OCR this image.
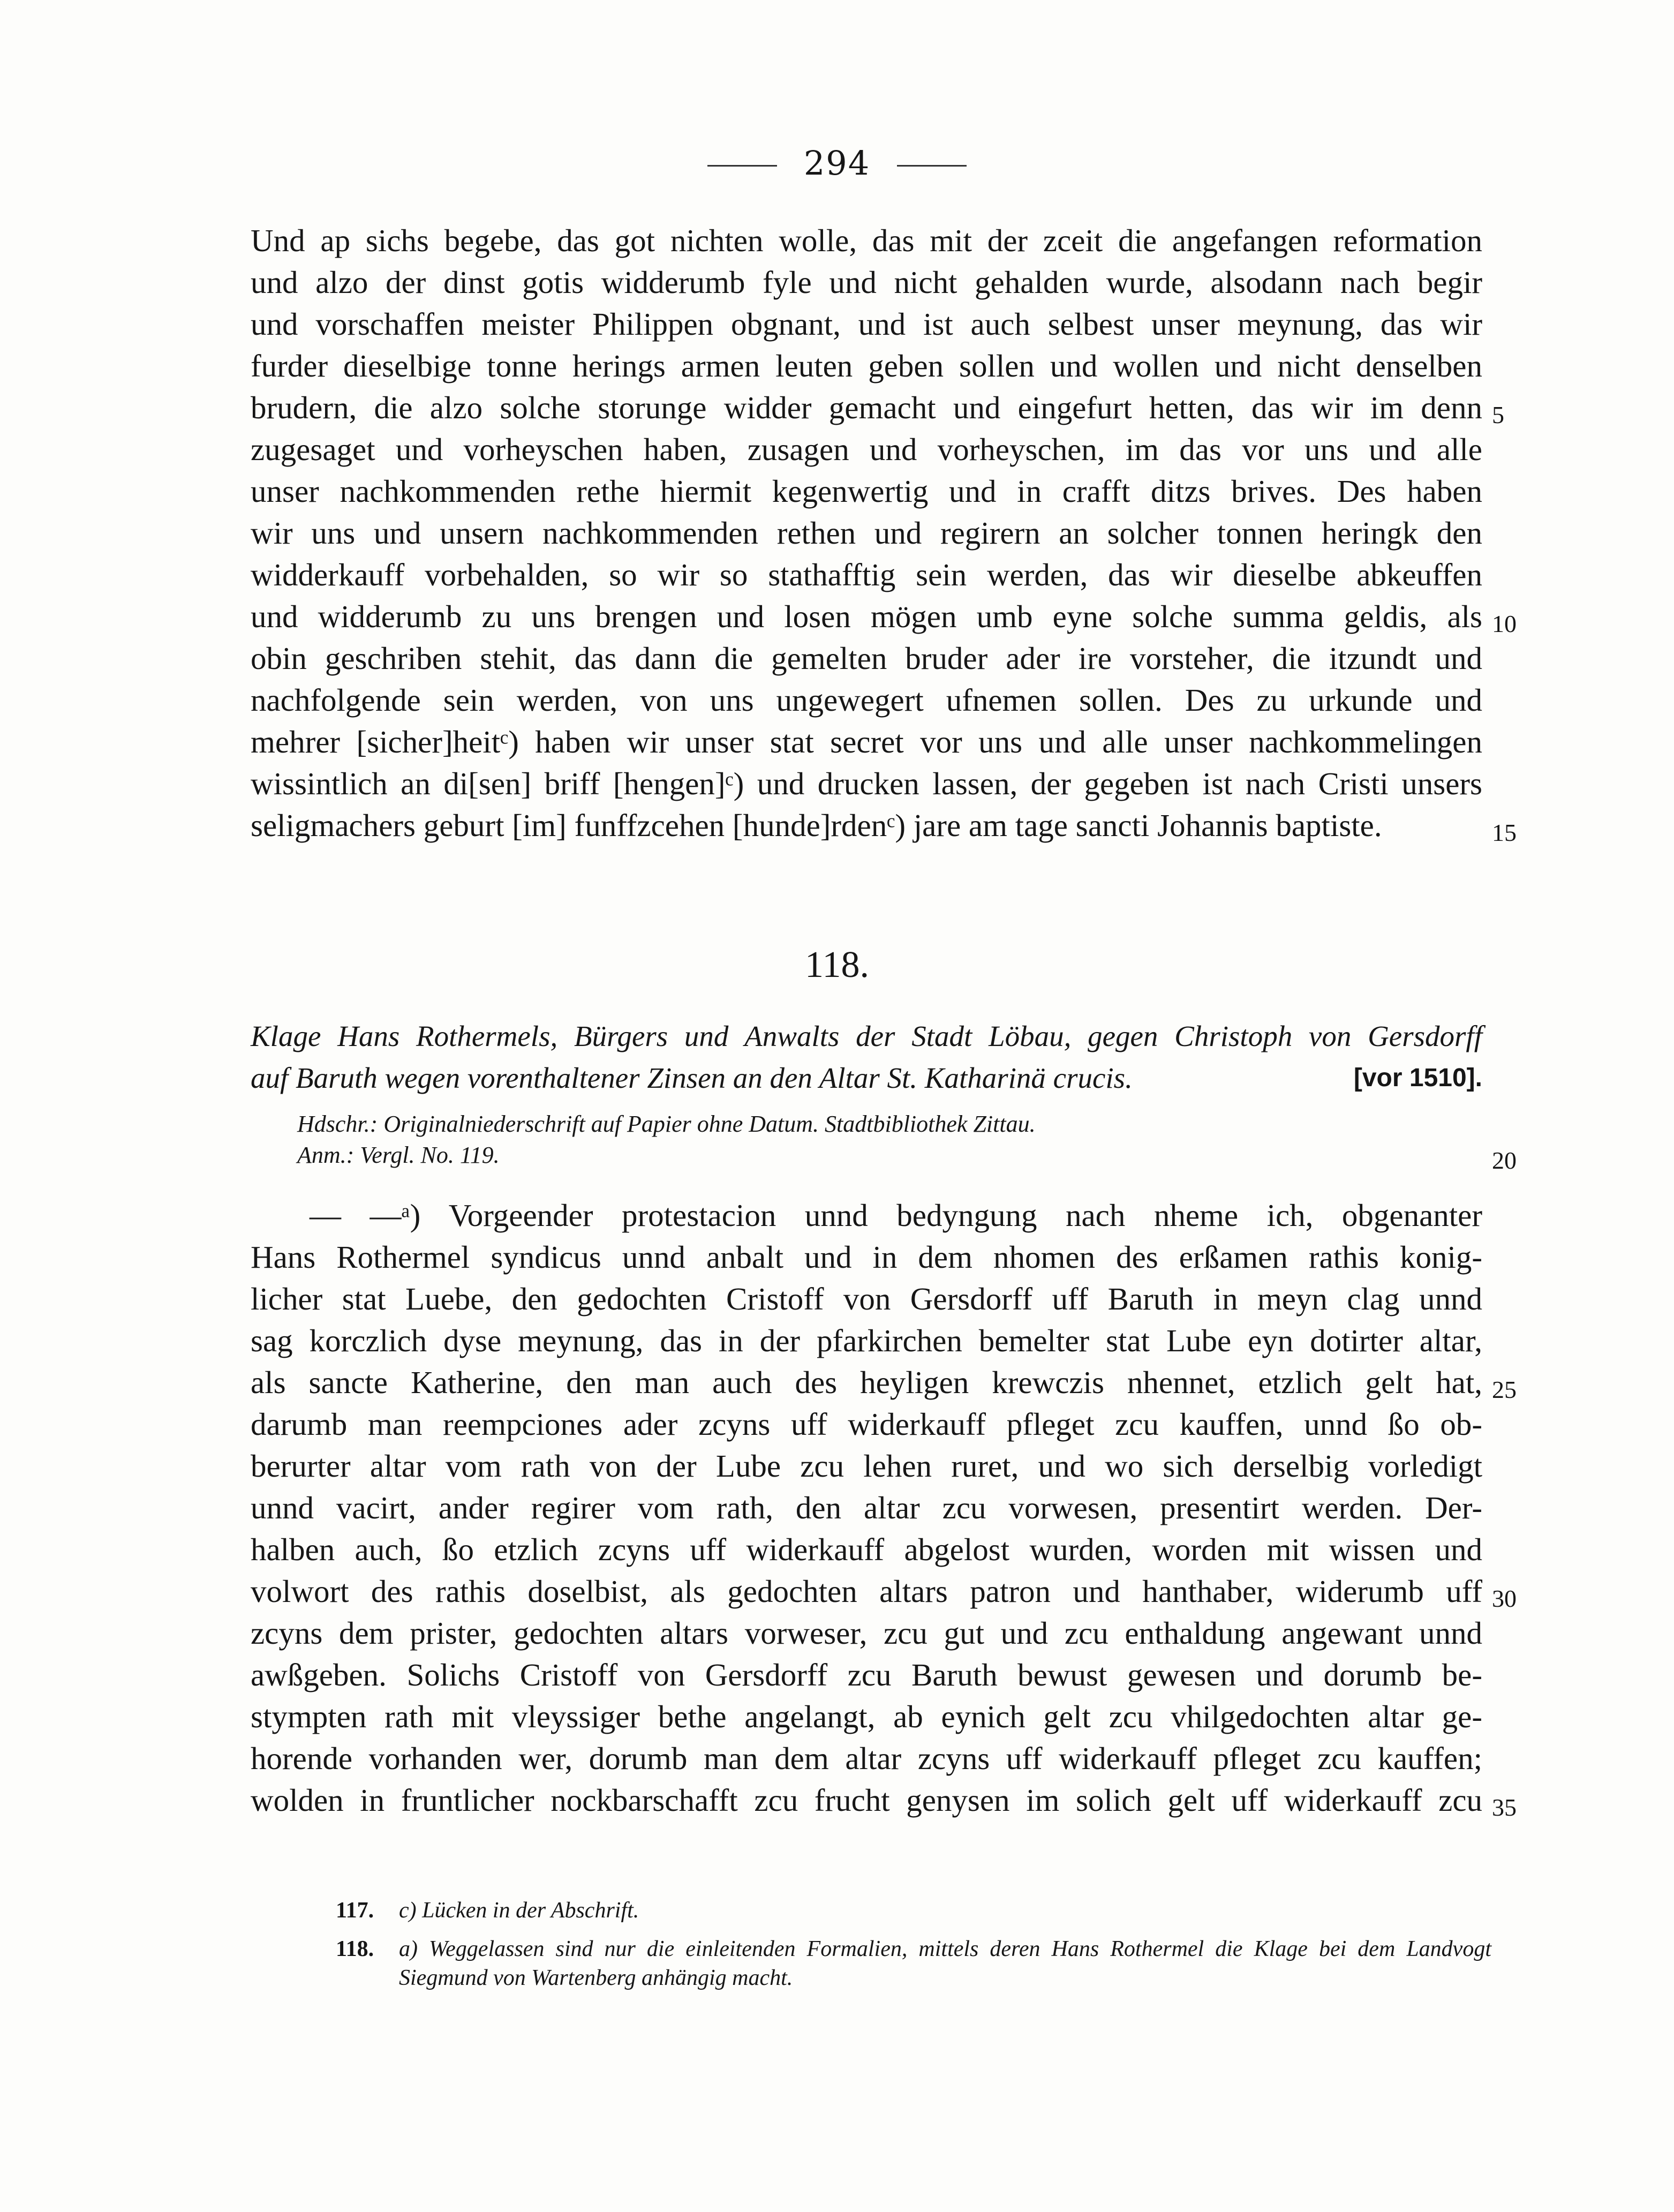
294
Und ap sichs begebe, das got nichten wolle, das mit der zceit die angefangen reformation
und alzo der dinst gotis widderumb fyle und nicht gehalden wurde, alsodann nach begir
und vorschaffen meister Philippen obgnant, und ist auch selbest unser meynung, das wir
furder dieselbige tonne herings armen leuten geben sollen und wollen und nicht denselben
brudern, die alzo solche storunge widder gemacht und eingefurt hetten, das wir im denn
zugesaget und vorheyschen haben, zusagen und vorheyschen, im das vor uns und alle
unser nachkommenden rethe hiermit kegenwertig und in crafft ditzs brives. Des haben
wir uns und unsern nachkommenden rethen und regirern an solcher tonnen heringk den
widderkauff vorbehalden, so wir so stathafftig sein werden, das wir dieselbe abkeuffen
und widderumb zu uns brengen und losen mögen umb eyne solche summa geldis, als
obin geschriben stehit, das dann die gemelten bruder ader ire vorsteher, die itzundt und
nachfolgende sein werden, von uns ungewegert ufnemen sollen. Des zu urkunde und
mehrer [sicher]heitᶜ) haben wir unser stat secret vor uns und alle unser nachkommelingen
wissintlich an di[sen] briff [hengen]ᶜ) und drucken lassen, der gegeben ist nach Cristi unsers
seligmachers geburt [im] funffzcehen [hunde]rdenᶜ) jare am tage sancti Johannis baptiste.
5
10
15
118.
Klage Hans Rothermels, Bürgers und Anwalts der Stadt Löbau, gegen Christoph von Gersdorff
auf Baruth wegen vorenthaltener Zinsen an den Altar St. Katharinä crucis.	[vor 1510].
Hdschr.: Originalniederschrift auf Papier ohne Datum. Stadtbibliothek Zittau.
Anm.: Vergl. No. 119.	20
— —ᵃ) Vorgeender protestacion unnd bedyngung nach nheme ich, obgenanter
Hans Rothermel syndicus unnd anbalt und in dem nhomen des erßamen rathis konig-
licher stat Luebe, den gedochten Cristoff von Gersdorff uff Baruth in meyn clag unnd
sag korczlich dyse meynung, das in der pfarkirchen bemelter stat Lube eyn dotirter altar,
als sancte Katherine, den man auch des heyligen krewczis nhennet, etzlich gelt hat,
darumb man reempciones ader zcyns uff widerkauff pfleget zcu kauffen, unnd ßo ob-
berurter altar vom rath von der Lube zcu lehen ruret, und wo sich derselbig vorledigt
unnd vacirt, ander regirer vom rath, den altar zcu vorwesen, presentirt werden. Der-
halben auch, ßo etzlich zcyns uff widerkauff abgelost wurden, worden mit wissen und
volwort des rathis doselbist, als gedochten altars patron und hanthaber, widerumb uff
zcyns dem prister, gedochten altars vorweser, zcu gut und zcu enthaldung angewant unnd
awßgeben. Solichs Cristoff von Gersdorff zcu Baruth bewust gewesen und dorumb be-
stympten rath mit vleyssiger bethe angelangt, ab eynich gelt zcu vhilgedochten altar ge-
horende vorhanden wer, dorumb man dem altar zcyns uff widerkauff pfleget zcu kauffen;
wolden in fruntlicher nockbarschafft zcu frucht genysen im solich gelt uff widerkauff zcu
25
30
35
117.	c) Lücken in der Abschrift.
118.	a) Weggelassen sind nur die einleitenden Formalien, mittels deren Hans Rothermel die Klage bei dem Landvogt Siegmund von Wartenberg anhängig macht.
